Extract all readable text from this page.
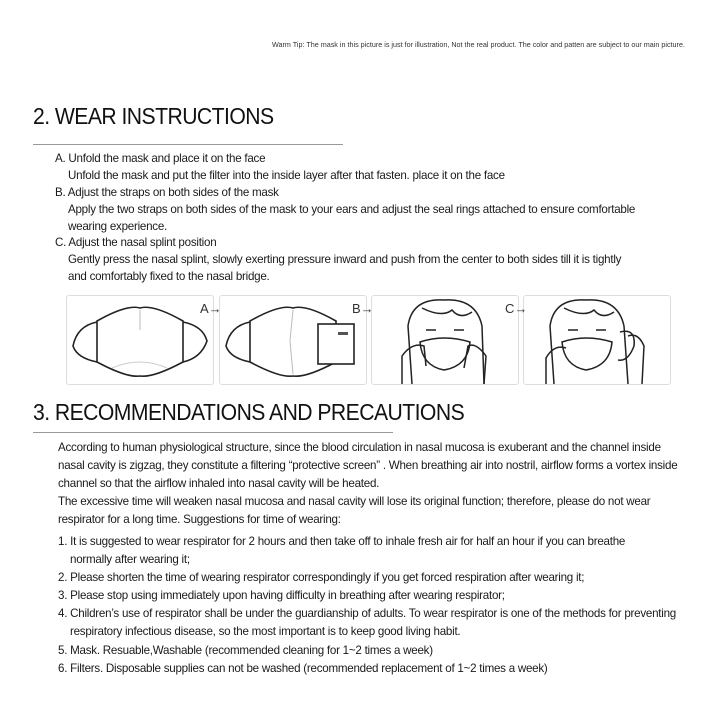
Warm Tip: The mask in this picture is just for illustration, Not the real product. The color and patten are subject to our main picture.
2. WEAR INSTRUCTIONS
A. Unfold the mask and place it on the face
Unfold the mask and put the filter into the inside layer after that fasten. place it on the face
B. Adjust the straps on both sides of the mask
Apply the two straps on both sides of the mask to your ears and adjust the seal rings attached to ensure comfortable
wearing experience.
C. Adjust the nasal splint position
Gently press the nasal splint, slowly exerting pressure inward and push from the center to both sides till it is tightly
and comfortably fixed to the nasal bridge.
A→	B→	C→
3. RECOMMENDATIONS AND PRECAUTIONS
According to human physiological structure, since the blood circulation in nasal mucosa is exuberant and the channel inside
nasal cavity is zigzag, they constitute a filtering “protective screen” . When breathing air into nostril, airflow forms a vortex inside
channel so that the airflow inhaled into nasal cavity will be heated.
The excessive time will weaken nasal mucosa and nasal cavity will lose its original function; therefore, please do not wear
respirator for a long time. Suggestions for time of wearing:
1. It is suggested to wear respirator for 2 hours and then take off to inhale fresh air for half an hour if you can breathe
normally after wearing it;
2. Please shorten the time of wearing respirator correspondingly if you get forced respiration after wearing it;
3. Please stop using immediately upon having difficulty in breathing after wearing respirator;
4. Children’s use of respirator shall be under the guardianship of adults. To wear respirator is one of the methods for preventing
respiratory infectious disease, so the most important is to keep good living habit.
5. Mask. Resuable,Washable (recommended cleaning for 1~2 times a week)
6. Filters. Disposable supplies can not be washed (recommended replacement of 1~2 times a week)
